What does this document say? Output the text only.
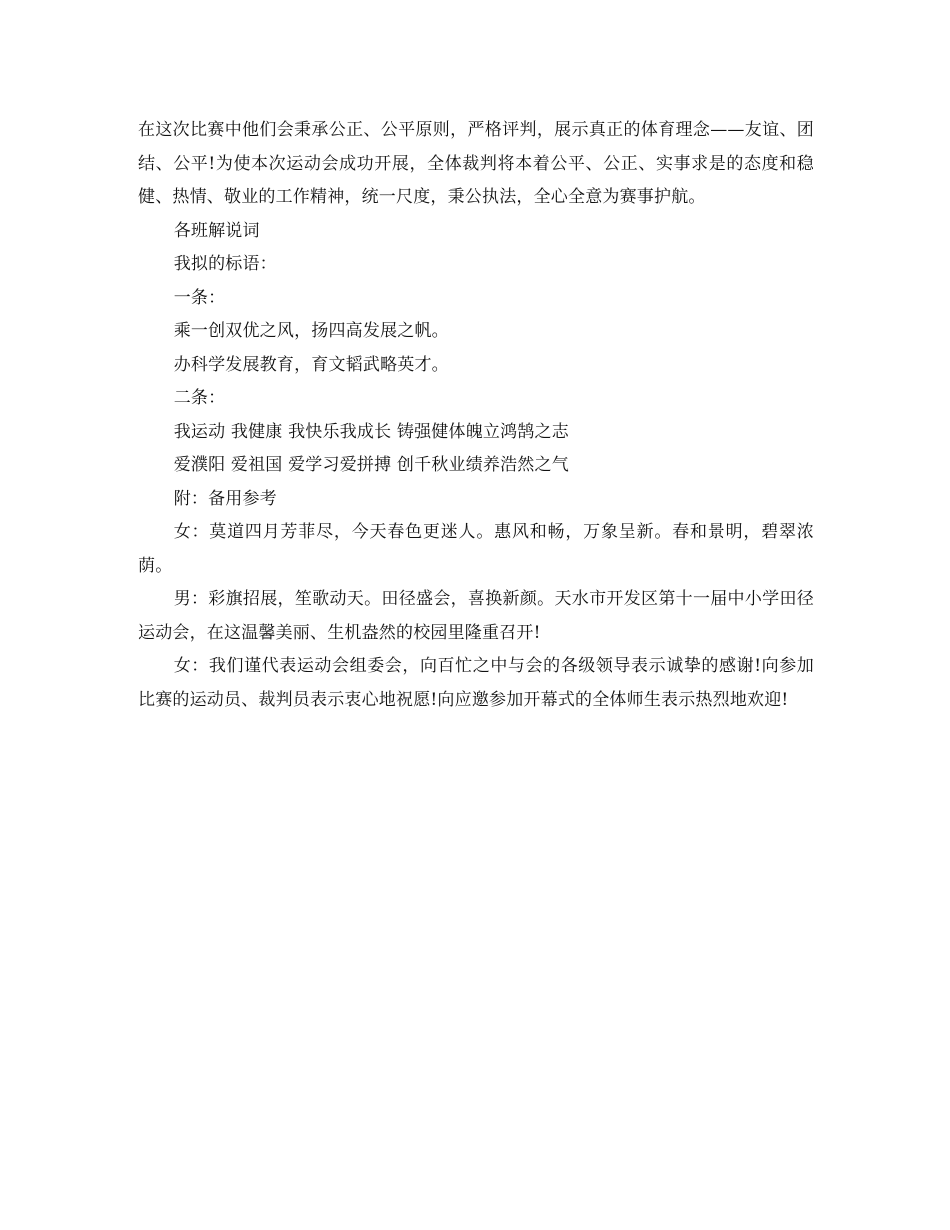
在这次比赛中他们会秉承公正、公平原则，严格评判，展示真正的体育理念——友谊、团结、公平!为使本次运动会成功开展，全体裁判将本着公平、公正、实事求是的态度和稳健、热情、敬业的工作精神，统一尺度，秉公执法，全心全意为赛事护航。

各班解说词

我拟的标语：

一条：

乘一创双优之风，扬四高发展之帆。

办科学发展教育，育文韬武略英才。

二条：

我运动 我健康 我快乐我成长 铸强健体魄立鸿鹄之志

爱濮阳 爱祖国 爱学习爱拼搏 创千秋业绩养浩然之气

附：备用参考

女：莫道四月芳菲尽，今天春色更迷人。惠风和畅，万象呈新。春和景明，碧翠浓荫。

男：彩旗招展，笙歌动天。田径盛会，喜换新颜。天水市开发区第十一届中小学田径运动会，在这温馨美丽、生机盎然的校园里隆重召开!

女：我们谨代表运动会组委会，向百忙之中与会的各级领导表示诚挚的感谢!向参加比赛的运动员、裁判员表示衷心地祝愿!向应邀参加开幕式的全体师生表示热烈地欢迎!
